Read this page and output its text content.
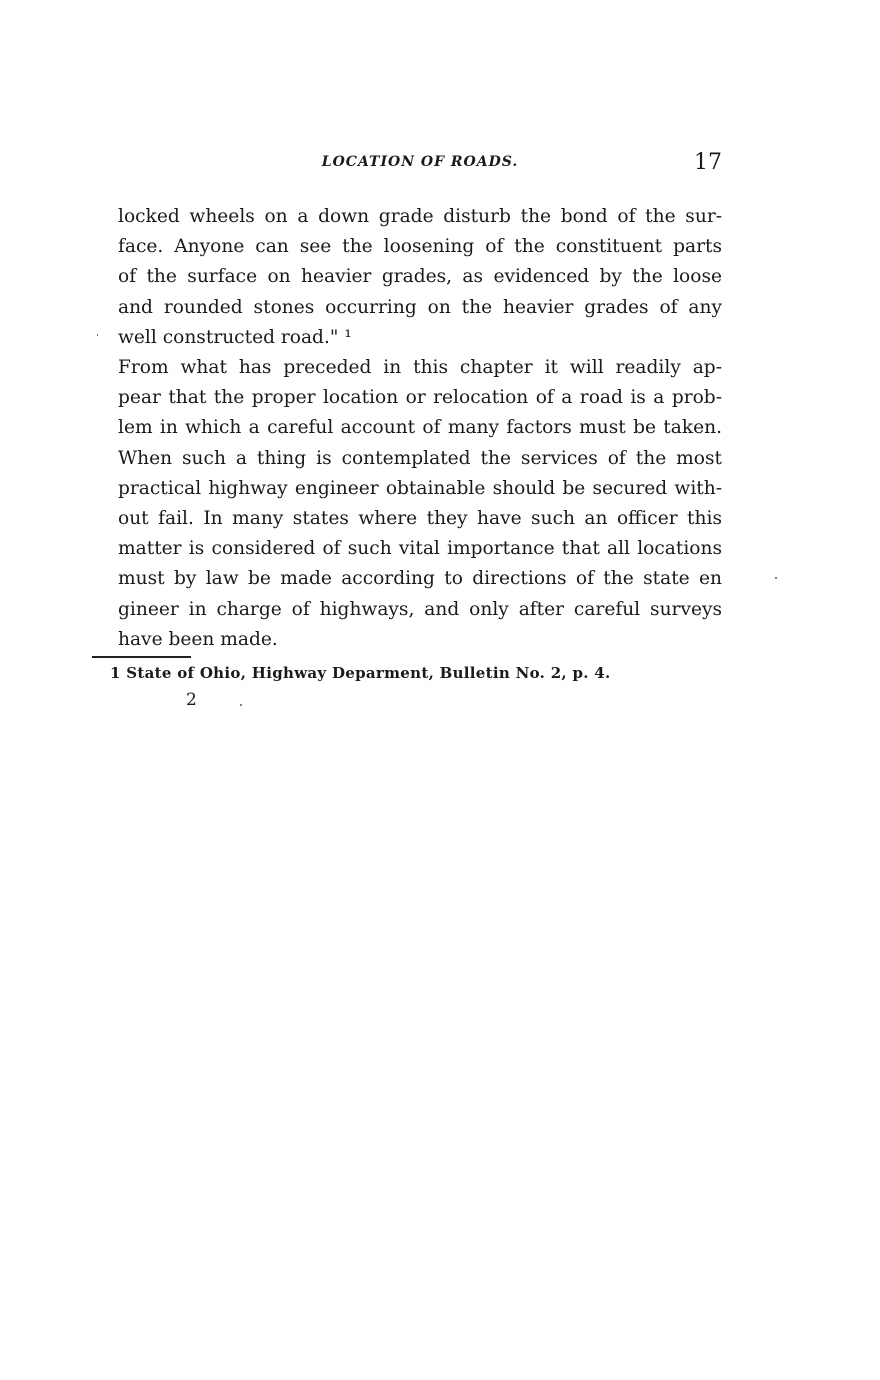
LOCATION OF ROADS.	17
locked wheels on a down grade disturb the bond of the sur-
face. Anyone can see the loosening of the constituent parts
of the surface on heavier grades, as evidenced by the loose
and rounded stones occurring on the heavier grades of any
well constructed road." ¹
From what has preceded in this chapter it will readily ap-
pear that the proper location or relocation of a road is a prob-
lem in which a careful account of many factors must be taken.
When such a thing is contemplated the services of the most
practical highway engineer obtainable should be secured with-
out fail. In many states where they have such an officer this
matter is considered of such vital importance that all locations
must by law be made according to directions of the state en
gineer in charge of highways, and only after careful surveys
have been made.
1 State of Ohio, Highway Deparment, Bulletin No. 2, p. 4.
2
